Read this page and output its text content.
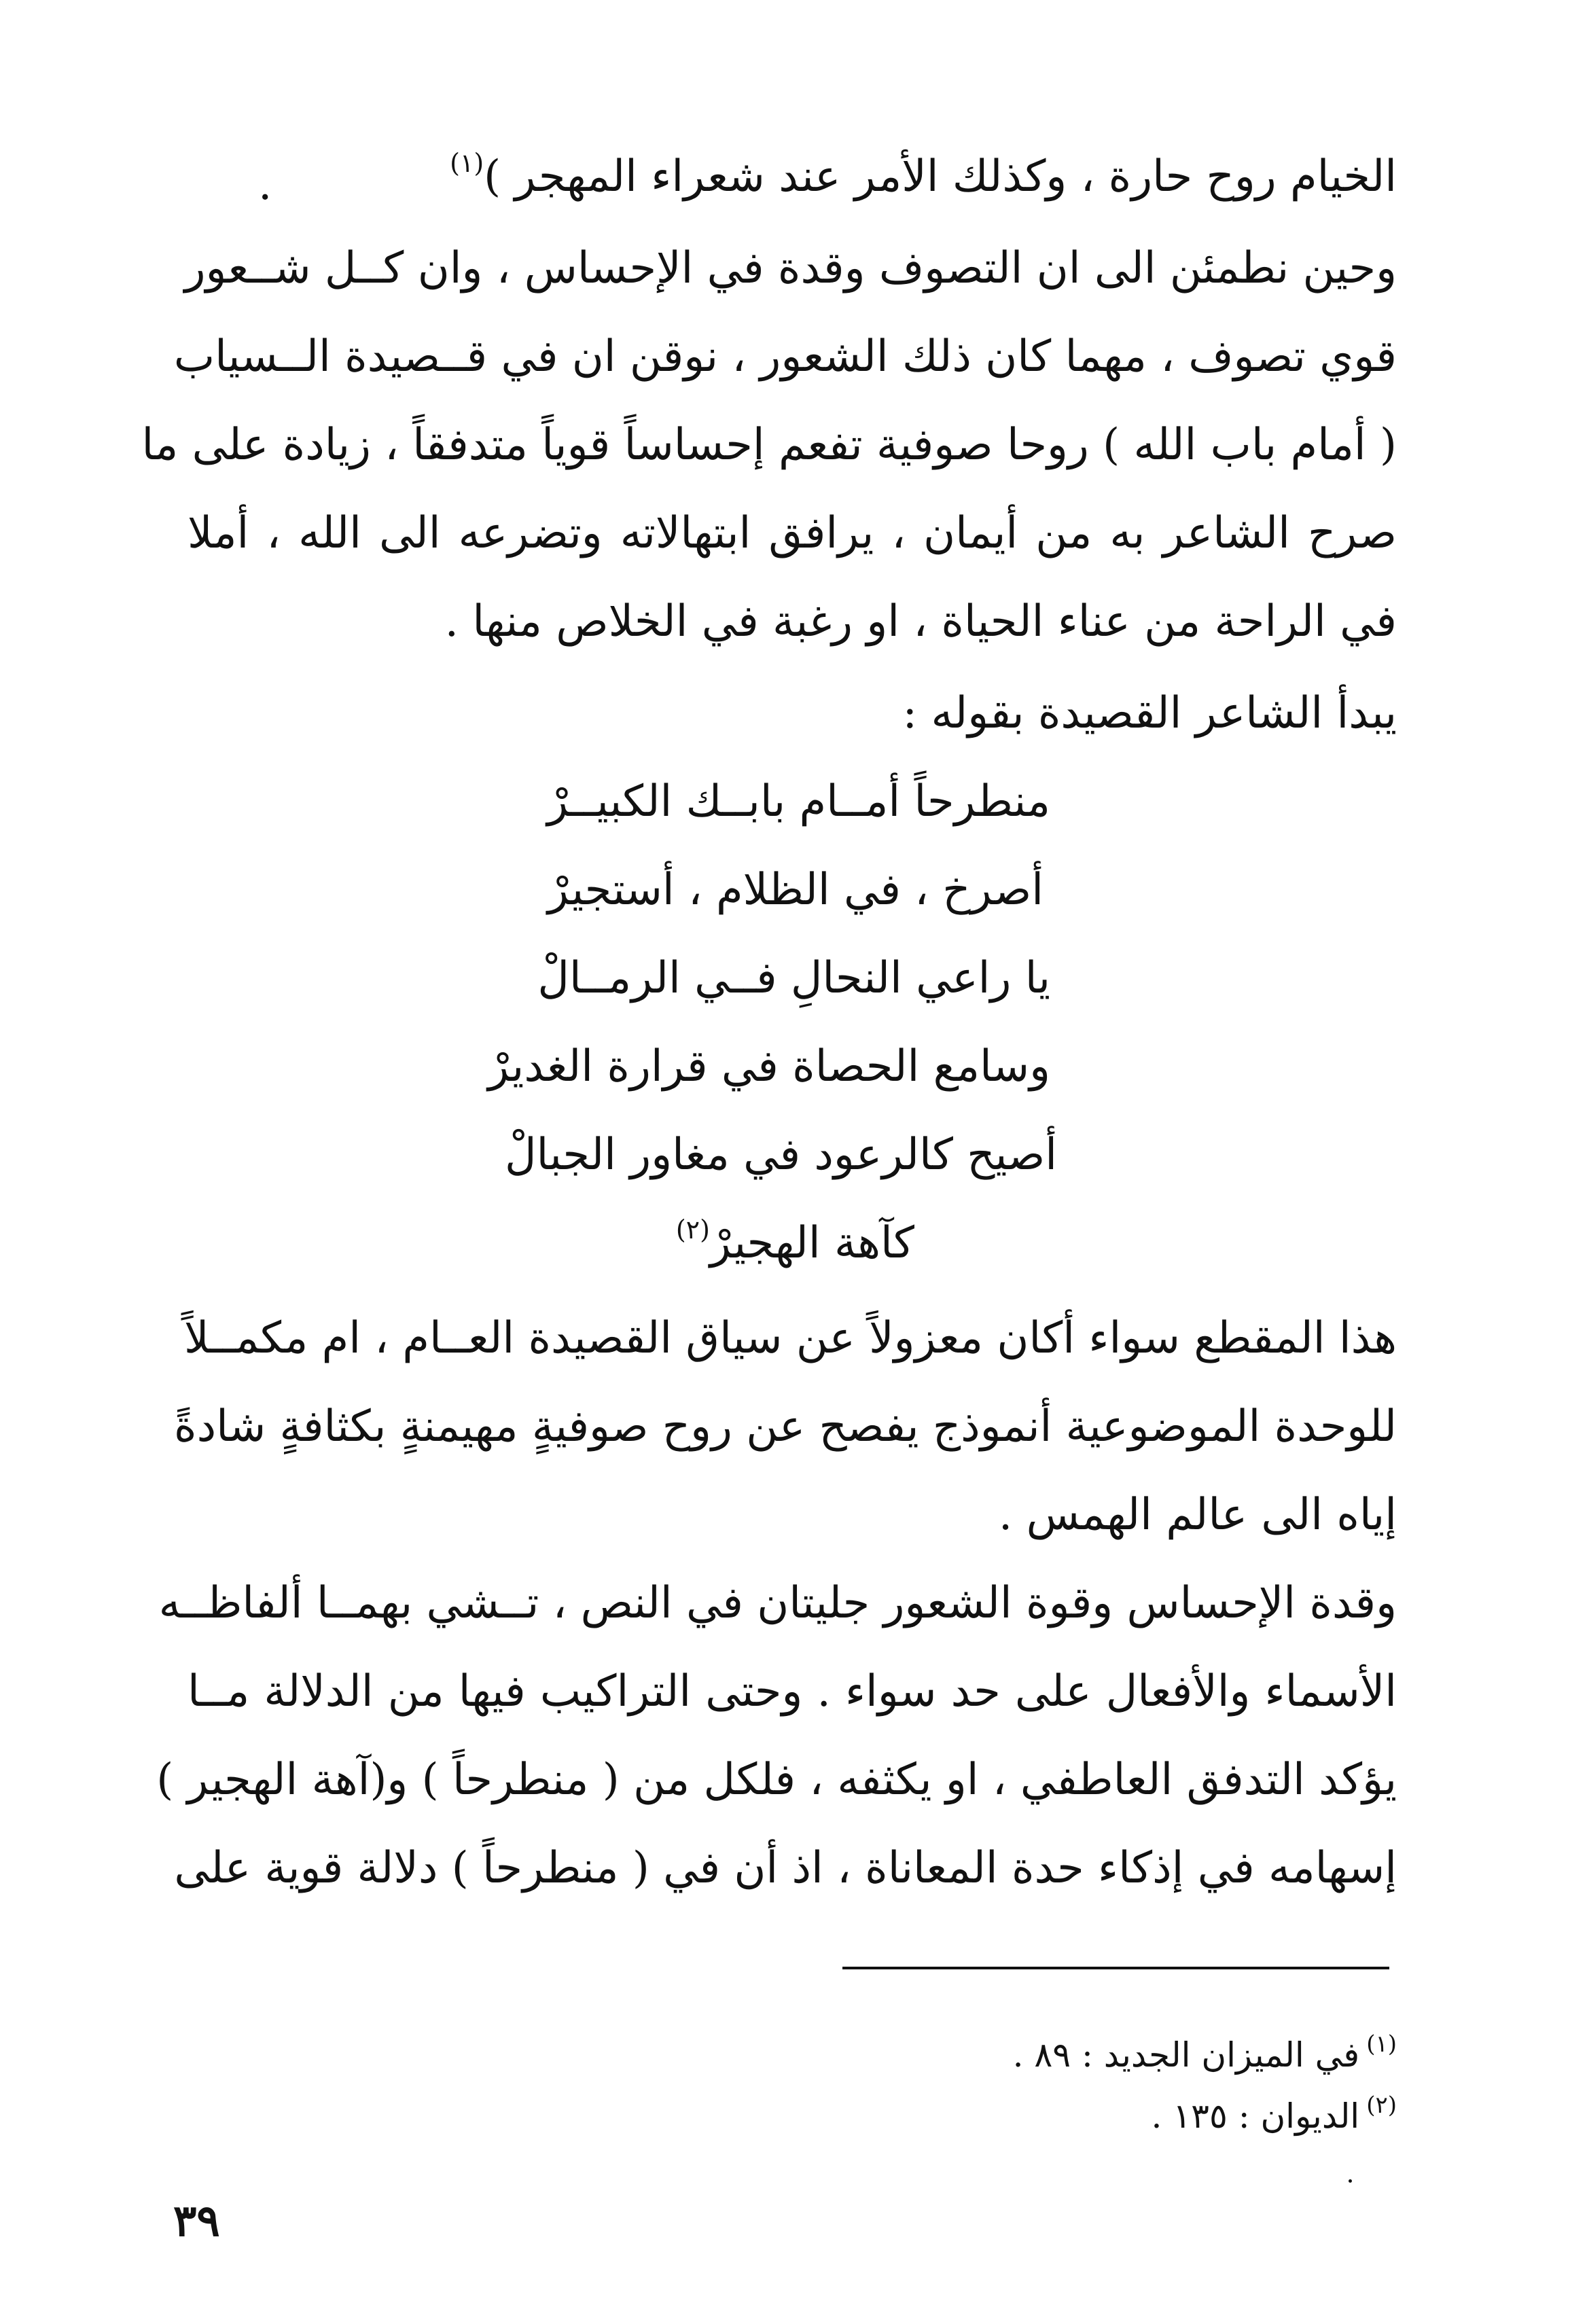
الخيام روح حارة ، وكذلك الأمر عند شعراء المهجر )$^{(١)}$
.
وحين نطمئن الى ان التصوف وقدة في الإحساس ، وان كــل شــعور
قوي تصوف ، مهما كان ذلك الشعور ، نوقن ان في قــصيدة الــسياب
( أمام باب الله ) روحا صوفية تفعم إحساساً قوياً متدفقاً ، زيادة على ما
صرح الشاعر به من أيمان ، يرافق ابتهالاته وتضرعه الى الله ، أملا
في الراحة من عناء الحياة ، او رغبة في الخلاص منها .
يبدأ الشاعر القصيدة بقوله :
منطرحاً أمــام بابــك الكبيــرْ
أصرخ ، في الظلام ، أستجيرْ
يا راعي النحالِ فــي الرمــالْ
وسامع الحصاة في قرارة الغديرْ
أصيح كالرعود في مغاور الجبالْ
كآهة الهجيرْ$^{(٢)}$
هذا المقطع سواء أكان معزولاً عن سياق القصيدة العــام ، ام مكمــلاً
للوحدة الموضوعية أنموذج يفصح عن روح صوفيةٍ مهيمنةٍ بكثافةٍ شادةً
إياه الى عالم الهمس .
وقدة الإحساس وقوة الشعور جليتان في النص ، تــشي بهمــا ألفاظــه
الأسماء والأفعال على حد سواء . وحتى التراكيب فيها من الدلالة مــا
يؤكد التدفق العاطفي ، او يكثفه ، فلكل من ( منطرحاً ) و(آهة الهجير )
إسهامه في إذكاء حدة المعاناة ، اذ أن في ( منطرحاً ) دلالة قوية على
$^{(١)}$في الميزان الجديد : ٨٩ .
$^{(٢)}$الديوان : ١٣٥ .
٣٩
